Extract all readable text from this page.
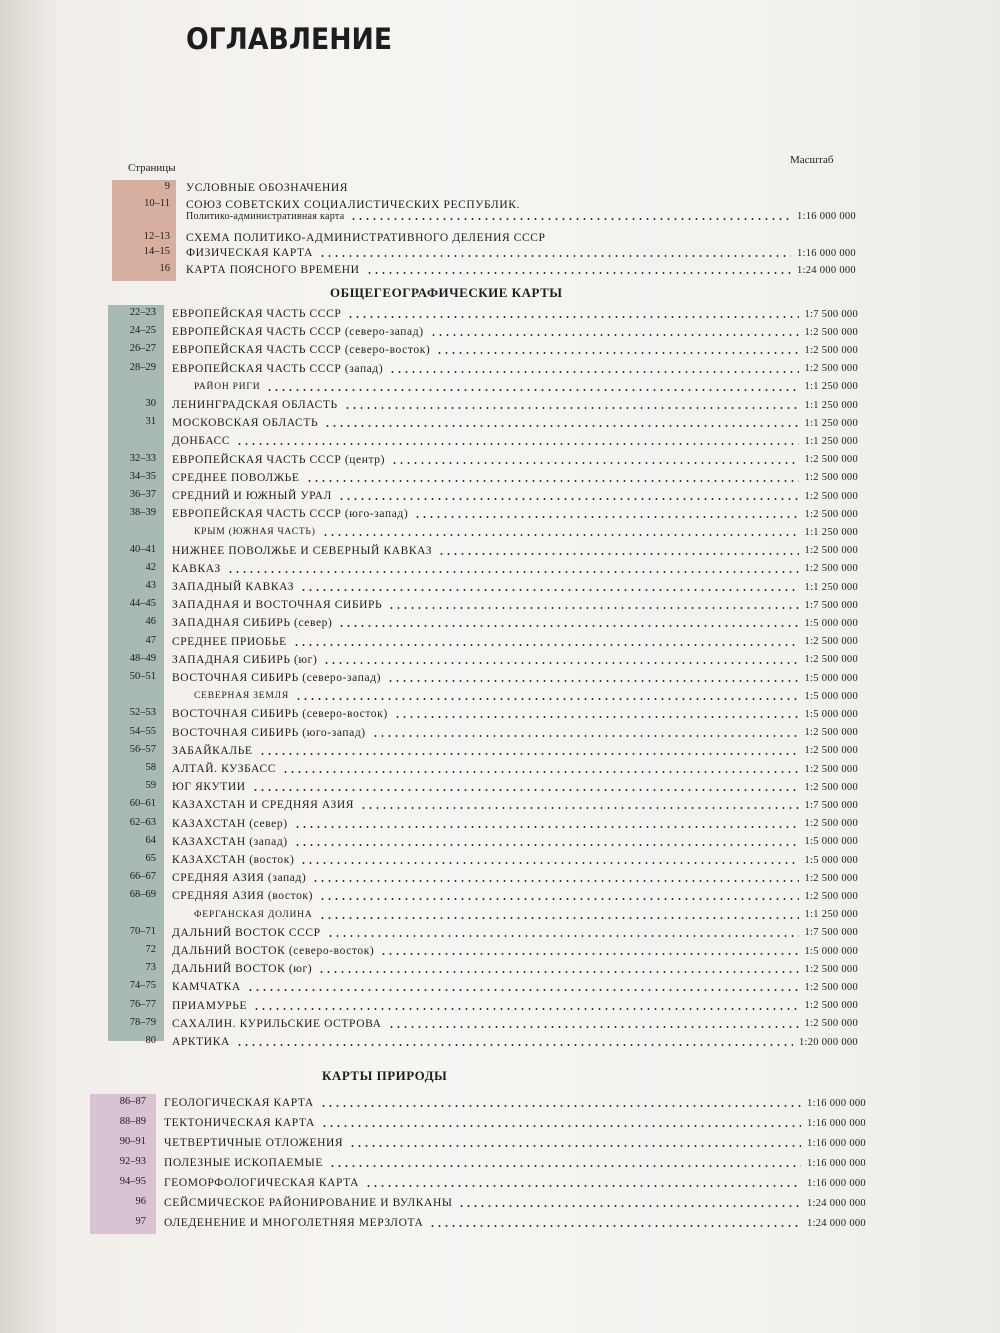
ОГЛАВЛЕНИЕ
Страницы
Масштаб
ОБЩЕГЕОГРАФИЧЕСКИЕ КАРТЫ
КАРТЫ ПРИРОДЫ
9 УСЛОВНЫЕ ОБОЗНАЧЕНИЯ
10–11 СОЮЗ СОВЕТСКИХ СОЦИАЛИСТИЧЕСКИХ РЕСПУБЛИК.
Политико-административная карта	1:16 000 000
12–13 СХЕМА ПОЛИТИКО-АДМИНИСТРАТИВНОГО ДЕЛЕНИЯ СССР
14–15 ФИЗИЧЕСКАЯ КАРТА	1:16 000 000
16 КАРТА ПОЯСНОГО ВРЕМЕНИ	1:24 000 000
22–23 ЕВРОПЕЙСКАЯ ЧАСТЬ СССР	1:7 500 000
24–25 ЕВРОПЕЙСКАЯ ЧАСТЬ СССР (северо-запад)	1:2 500 000
26–27 ЕВРОПЕЙСКАЯ ЧАСТЬ СССР (северо-восток)	1:2 500 000
28–29 ЕВРОПЕЙСКАЯ ЧАСТЬ СССР (запад)	1:2 500 000
РАЙОН РИГИ	1:1 250 000
30 ЛЕНИНГРАДСКАЯ ОБЛАСТЬ	1:1 250 000
31 МОСКОВСКАЯ ОБЛАСТЬ	1:1 250 000
ДОНБАСС	1:1 250 000
32–33 ЕВРОПЕЙСКАЯ ЧАСТЬ СССР (центр)	1:2 500 000
34–35 СРЕДНЕЕ ПОВОЛЖЬЕ	1:2 500 000
36–37 СРЕДНИЙ И ЮЖНЫЙ УРАЛ	1:2 500 000
38–39 ЕВРОПЕЙСКАЯ ЧАСТЬ СССР (юго-запад)	1:2 500 000
КРЫМ (ЮЖНАЯ ЧАСТЬ)	1:1 250 000
40–41 НИЖНЕЕ ПОВОЛЖЬЕ И СЕВЕРНЫЙ КАВКАЗ	1:2 500 000
42 КАВКАЗ	1:2 500 000
43 ЗАПАДНЫЙ КАВКАЗ	1:1 250 000
44–45 ЗАПАДНАЯ И ВОСТОЧНАЯ СИБИРЬ	1:7 500 000
46 ЗАПАДНАЯ СИБИРЬ (север)	1:5 000 000
47 СРЕДНЕЕ ПРИОБЬЕ	1:2 500 000
48–49 ЗАПАДНАЯ СИБИРЬ (юг)	1:2 500 000
50–51 ВОСТОЧНАЯ СИБИРЬ (северо-запад)	1:5 000 000
СЕВЕРНАЯ ЗЕМЛЯ	1:5 000 000
52–53 ВОСТОЧНАЯ СИБИРЬ (северо-восток)	1:5 000 000
54–55 ВОСТОЧНАЯ СИБИРЬ (юго-запад)	1:2 500 000
56–57 ЗАБАЙКАЛЬЕ	1:2 500 000
58 АЛТАЙ. КУЗБАСС	1:2 500 000
59 ЮГ ЯКУТИИ	1:2 500 000
60–61 КАЗАХСТАН И СРЕДНЯЯ АЗИЯ	1:7 500 000
62–63 КАЗАХСТАН (север)	1:2 500 000
64 КАЗАХСТАН (запад)	1:5 000 000
65 КАЗАХСТАН (восток)	1:5 000 000
66–67 СРЕДНЯЯ АЗИЯ (запад)	1:2 500 000
68–69 СРЕДНЯЯ АЗИЯ (восток)	1:2 500 000
ФЕРГАНСКАЯ ДОЛИНА	1:1 250 000
70–71 ДАЛЬНИЙ ВОСТОК СССР	1:7 500 000
72 ДАЛЬНИЙ ВОСТОК (северо-восток)	1:5 000 000
73 ДАЛЬНИЙ ВОСТОК (юг)	1:2 500 000
74–75 КАМЧАТКА	1:2 500 000
76–77 ПРИАМУРЬЕ	1:2 500 000
78–79 САХАЛИН. КУРИЛЬСКИЕ ОСТРОВА	1:2 500 000
80 АРКТИКА	1:20 000 000
86–87 ГЕОЛОГИЧЕСКАЯ КАРТА	1:16 000 000
88–89 ТЕКТОНИЧЕСКАЯ КАРТА	1:16 000 000
90–91 ЧЕТВЕРТИЧНЫЕ ОТЛОЖЕНИЯ	1:16 000 000
92–93 ПОЛЕЗНЫЕ ИСКОПАЕМЫЕ	1:16 000 000
94–95 ГЕОМОРФОЛОГИЧЕСКАЯ КАРТА	1:16 000 000
96 СЕЙСМИЧЕСКОЕ РАЙОНИРОВАНИЕ И ВУЛКАНЫ	1:24 000 000
97 ОЛЕДЕНЕНИЕ И МНОГОЛЕТНЯЯ МЕРЗЛОТА	1:24 000 000
